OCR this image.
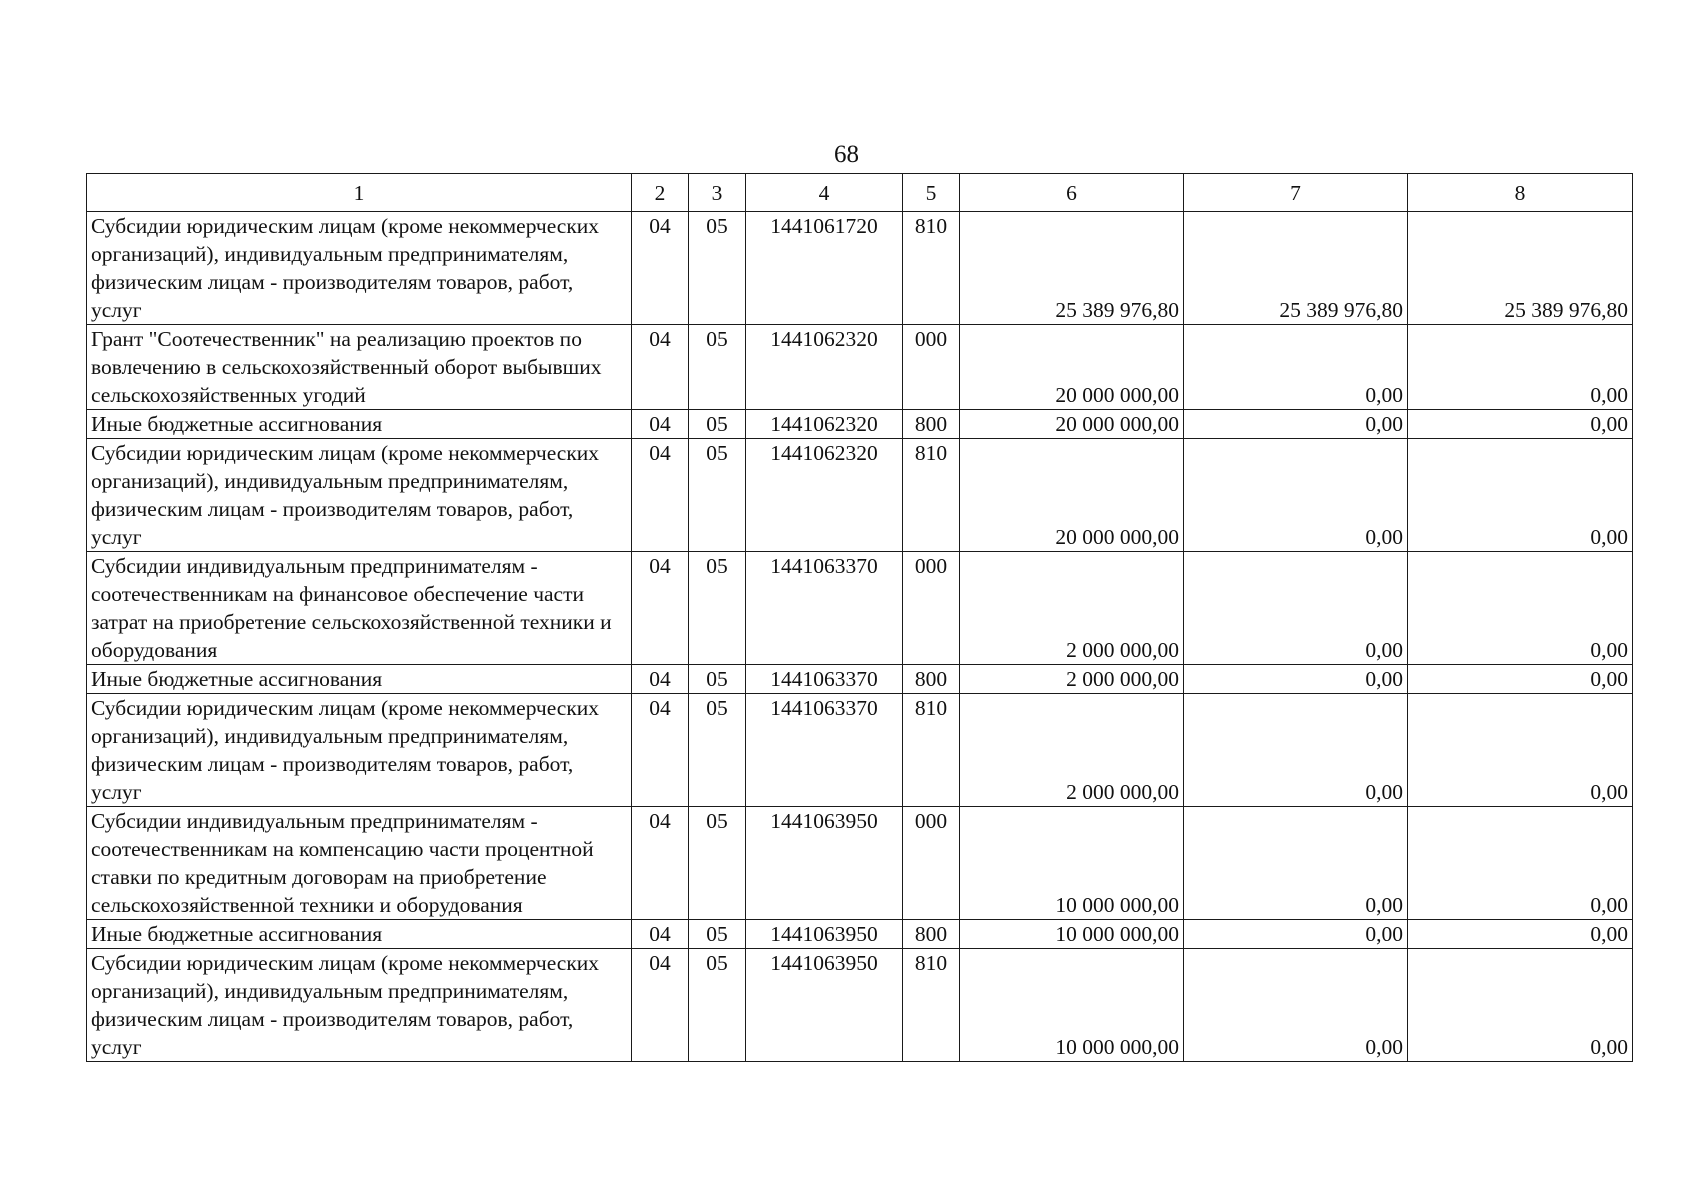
68
1	2	3	4	5	6	7	8
Субсидии юридическим лицам (кроме некоммерческих организаций), индивидуальным предпринимателям, физическим лицам - производителям товаров, работ, услуг	04	05	1441061720	810	25 389 976,80	25 389 976,80	25 389 976,80
Грант "Соотечественник" на реализацию проектов по вовлечению в сельскохозяйственный оборот выбывших сельскохозяйственных угодий	04	05	1441062320	000	20 000 000,00	0,00	0,00
Иные бюджетные ассигнования	04	05	1441062320	800	20 000 000,00	0,00	0,00
Субсидии юридическим лицам (кроме некоммерческих организаций), индивидуальным предпринимателям, физическим лицам - производителям товаров, работ, услуг	04	05	1441062320	810	20 000 000,00	0,00	0,00
Субсидии индивидуальным предпринимателям - соотечественникам на финансовое обеспечение части затрат на приобретение сельскохозяйственной техники и оборудования	04	05	1441063370	000	2 000 000,00	0,00	0,00
Иные бюджетные ассигнования	04	05	1441063370	800	2 000 000,00	0,00	0,00
Субсидии юридическим лицам (кроме некоммерческих организаций), индивидуальным предпринимателям, физическим лицам - производителям товаров, работ, услуг	04	05	1441063370	810	2 000 000,00	0,00	0,00
Субсидии индивидуальным предпринимателям - соотечественникам на компенсацию части процентной ставки по кредитным договорам на приобретение сельскохозяйственной техники и оборудования	04	05	1441063950	000	10 000 000,00	0,00	0,00
Иные бюджетные ассигнования	04	05	1441063950	800	10 000 000,00	0,00	0,00
Субсидии юридическим лицам (кроме некоммерческих организаций), индивидуальным предпринимателям, физическим лицам - производителям товаров, работ, услуг	04	05	1441063950	810	10 000 000,00	0,00	0,00
